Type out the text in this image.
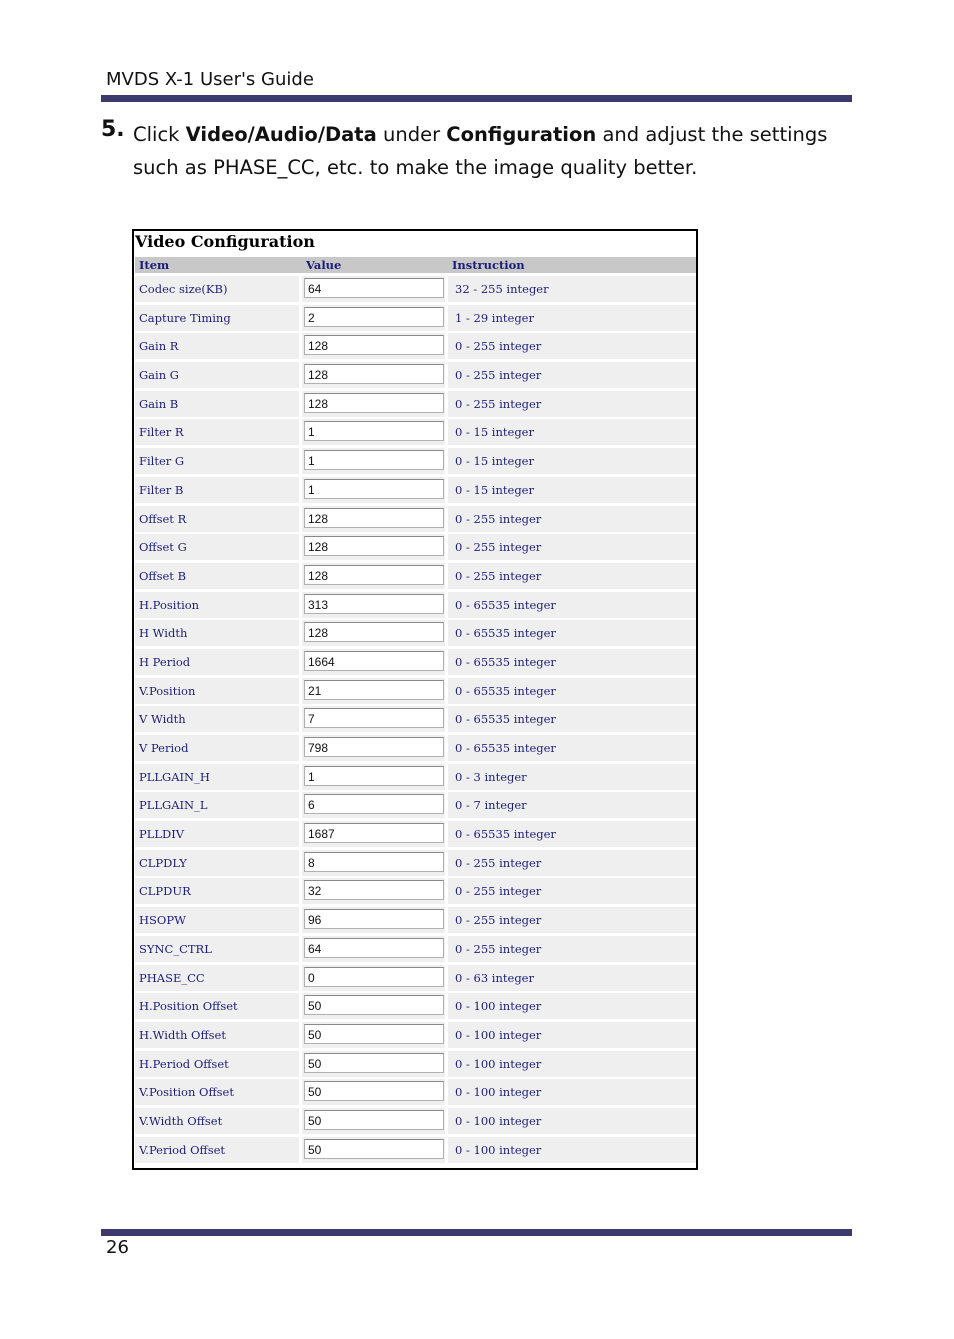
MVDS X-1 User's Guide
5. Click Video/Audio/Data under Configuration and adjust the settings such as PHASE_CC, etc. to make the image quality better.
Video Configuration
Item	Value	Instruction
Codec size(KB)	64	32 - 255 integer
Capture Timing	2	1 - 29 integer
Gain R	128	0 - 255 integer
Gain G	128	0 - 255 integer
Gain B	128	0 - 255 integer
Filter R	1	0 - 15 integer
Filter G	1	0 - 15 integer
Filter B	1	0 - 15 integer
Offset R	128	0 - 255 integer
Offset G	128	0 - 255 integer
Offset B	128	0 - 255 integer
H.Position	313	0 - 65535 integer
H Width	128	0 - 65535 integer
H Period	1664	0 - 65535 integer
V.Position	21	0 - 65535 integer
V Width	7	0 - 65535 integer
V Period	798	0 - 65535 integer
PLLGAIN_H	1	0 - 3 integer
PLLGAIN_L	6	0 - 7 integer
PLLDIV	1687	0 - 65535 integer
CLPDLY	8	0 - 255 integer
CLPDUR	32	0 - 255 integer
HSOPW	96	0 - 255 integer
SYNC_CTRL	64	0 - 255 integer
PHASE_CC	0	0 - 63 integer
H.Position Offset	50	0 - 100 integer
H.Width Offset	50	0 - 100 integer
H.Period Offset	50	0 - 100 integer
V.Position Offset	50	0 - 100 integer
V.Width Offset	50	0 - 100 integer
V.Period Offset	50	0 - 100 integer
26
